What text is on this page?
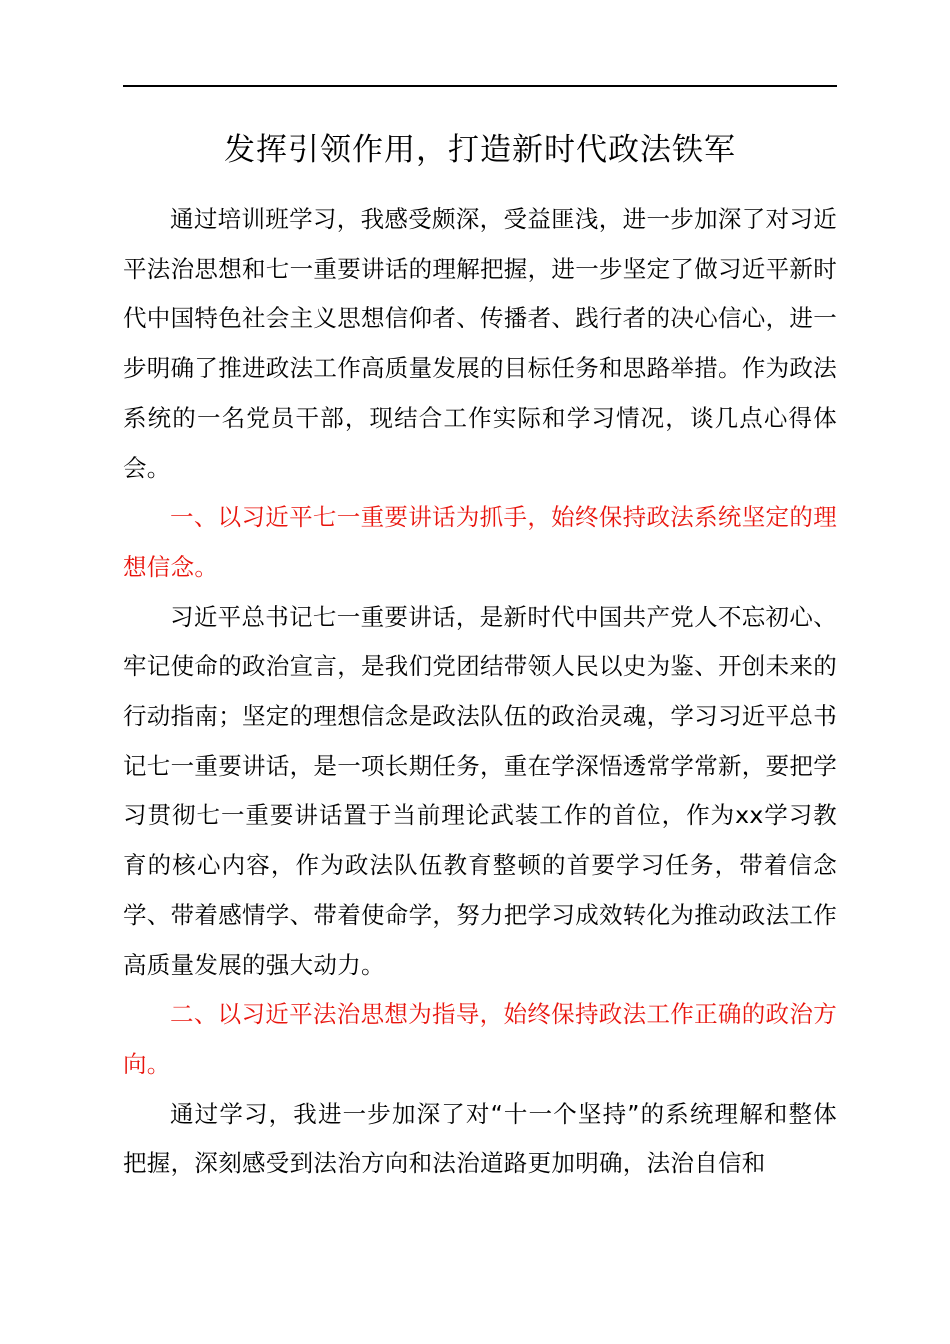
发挥引领作用，打造新时代政法铁军

通过培训班学习，我感受颇深，受益匪浅，进一步加深了对习近平法治思想和七一重要讲话的理解把握，进一步坚定了做习近平新时代中国特色社会主义思想信仰者、传播者、践行者的决心信心，进一步明确了推进政法工作高质量发展的目标任务和思路举措。作为政法系统的一名党员干部，现结合工作实际和学习情况，谈几点心得体会。

一、以习近平七一重要讲话为抓手，始终保持政法系统坚定的理想信念。

习近平总书记七一重要讲话，是新时代中国共产党人不忘初心、牢记使命的政治宣言，是我们党团结带领人民以史为鉴、开创未来的行动指南；坚定的理想信念是政法队伍的政治灵魂，学习习近平总书记七一重要讲话，是一项长期任务，重在学深悟透常学常新，要把学习贯彻七一重要讲话置于当前理论武装工作的首位，作为xx学习教育的核心内容，作为政法队伍教育整顿的首要学习任务，带着信念学、带着感情学、带着使命学，努力把学习成效转化为推动政法工作高质量发展的强大动力。

二、以习近平法治思想为指导，始终保持政法工作正确的政治方向。

通过学习，我进一步加深了对“十一个坚持”的系统理解和整体把握，深刻感受到法治方向和法治道路更加明确，法治自信和
